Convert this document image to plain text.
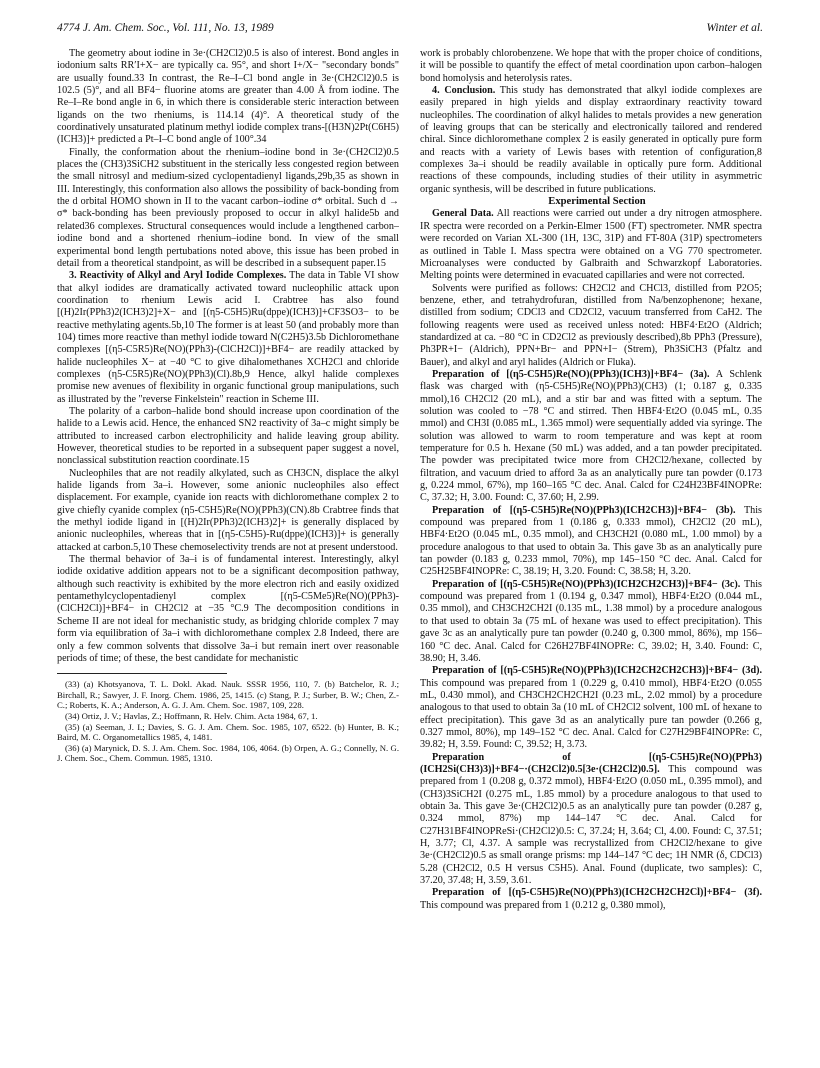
4774 J. Am. Chem. Soc., Vol. 111, No. 13, 1989	Winter et al.

The geometry about iodine in 3e·(CH2Cl2)0.5 is also of interest. Bond angles in iodonium salts RR′I+X− are typically ca. 95°, and short I+/X− "secondary bonds" are usually found.33 In contrast, the Re–I–Cl bond angle in 3e·(CH2Cl2)0.5 is 102.5 (5)°, and all BF4− fluorine atoms are greater than 4.00 Å from iodine. The Re–I–Re bond angle in 6, in which there is considerable steric interaction between ligands on the two rheniums, is 114.14 (4)°. A theoretical study of the coordinatively unsaturated platinum methyl iodide complex trans-[(H3N)2Pt(C6H5)(ICH3)]+ predicted a Pt–I–C bond angle of 100°.34

Finally, the conformation about the rhenium–iodine bond in 3e·(CH2Cl2)0.5 places the (CH3)3SiCH2 substituent in the sterically less congested region between the small nitrosyl and medium-sized cyclopentadienyl ligands,29b,35 as shown in III. Interestingly, this conformation also allows the possibility of back-bonding from the d orbital HOMO shown in II to the vacant carbon–iodine σ* orbital. Such d → σ* back-bonding has been previously proposed to occur in alkyl halide5b and related36 complexes. Structural consequences would include a lengthened carbon–iodine bond and a shortened rhenium–iodine bond. In view of the small experimental bond length pertubations noted above, this issue has been probed in detail from a theoretical standpoint, as will be described in a subsequent paper.15

3. Reactivity of Alkyl and Aryl Iodide Complexes. The data in Table VI show that alkyl iodides are dramatically activated toward nucleophilic attack upon coordination to rhenium Lewis acid I. Crabtree has also found [(H)2Ir(PPh3)2(ICH3)2]+X− and [(η5-C5H5)Ru(dppe)(ICH3)]+CF3SO3− to be reactive methylating agents.5b,10 The former is at least 50 (and probably more than 104) times more reactive than methyl iodide toward N(C2H5)3.5b Dichloromethane complexes [(η5-C5R5)Re(NO)(PPh3)-(ClCH2Cl)]+BF4− are readily attacked by halide nucleophiles X− at −40 °C to give dihalomethanes XCH2Cl and chloride complexes (η5-C5R5)Re(NO)(PPh3)(Cl).8b,9 Hence, alkyl halide complexes promise new avenues of flexibility in organic functional group manipulations, such as illustrated by the "reverse Finkelstein" reaction in Scheme III.

The polarity of a carbon–halide bond should increase upon coordination of the halide to a Lewis acid. Hence, the enhanced SN2 reactivity of 3a–c might simply be attributed to increased carbon electrophilicity and halide leaving group ability. However, theoretical studies to be reported in a subsequent paper suggest a novel, nonclassical substitution reaction coordinate.15

Nucleophiles that are not readily alkylated, such as CH3CN, displace the alkyl halide ligands from 3a–i. However, some anionic nucleophiles also effect displacement. For example, cyanide ion reacts with dichloromethane complex 2 to give chiefly cyanide complex (η5-C5H5)Re(NO)(PPh3)(CN).8b Crabtree finds that the methyl iodide ligand in [(H)2Ir(PPh3)2(ICH3)2]+ is generally displaced by anionic nucleophiles, whereas that in [(η5-C5H5)-Ru(dppe)(ICH3)]+ is generally attacked at carbon.5,10 These chemoselectivity trends are not at present understood.

The thermal behavior of 3a–i is of fundamental interest. Interestingly, alkyl iodide oxidative addition appears not to be a significant decomposition pathway, although such reactivity is exhibited by the more electron rich and easily oxidized pentamethylcyclopentadienyl complex [(η5-C5Me5)Re(NO)(PPh3)-(ClCH2Cl)]+BF4− in CH2Cl2 at −35 °C.9 The decomposition conditions in Scheme II are not ideal for mechanistic study, as bridging chloride complex 7 may form via equilibration of 3a–i with dichloromethane complex 2.8 Indeed, there are only a few common solvents that dissolve 3a–i but remain inert over reasonable periods of time; of these, the best candidate for mechanistic

(33) (a) Khotsyanova, T. L. Dokl. Akad. Nauk. SSSR 1956, 110, 7. (b) Batchelor, R. J.; Birchall, R.; Sawyer, J. F. Inorg. Chem. 1986, 25, 1415. (c) Stang, P. J.; Surber, B. W.; Chen, Z.-C.; Roberts, K. A.; Anderson, A. G. J. Am. Chem. Soc. 1987, 109, 228.

(34) Ortiz, J. V.; Havlas, Z.; Hoffmann, R. Helv. Chim. Acta 1984, 67, 1.

(35) (a) Seeman, J. I.; Davies, S. G. J. Am. Chem. Soc. 1985, 107, 6522. (b) Hunter, B. K.; Baird, M. C. Organometallics 1985, 4, 1481.

(36) (a) Marynick, D. S. J. Am. Chem. Soc. 1984, 106, 4064. (b) Orpen, A. G.; Connelly, N. G. J. Chem. Soc., Chem. Commun. 1985, 1310.

work is probably chlorobenzene. We hope that with the proper choice of conditions, it will be possible to quantify the effect of metal coordination upon carbon–halogen bond homolysis and heterolysis rates.

4. Conclusion. This study has demonstrated that alkyl iodide complexes are easily prepared in high yields and display extraordinary reactivity toward nucleophiles. The coordination of alkyl halides to metals provides a new generation of leaving groups that can be sterically and electronically tailored and rendered chiral. Since dichloromethane complex 2 is easily generated in optically pure form and reacts with a variety of Lewis bases with retention of configuration,8 complexes 3a–i should be readily available in optically pure form. Additional reactions of these compounds, including studies of their utility in asymmetric organic synthesis, will be described in future publications.

Experimental Section

General Data. All reactions were carried out under a dry nitrogen atmosphere. IR spectra were recorded on a Perkin-Elmer 1500 (FT) spectrometer. NMR spectra were recorded on Varian XL-300 (1H, 13C, 31P) and FT-80A (31P) spectrometers as outlined in Table I. Mass spectra were obtained on a VG 770 spectrometer. Microanalyses were conducted by Galbraith and Schwarzkopf Laboratories. Melting points were determined in evacuated capillaries and were not corrected.

Solvents were purified as follows: CH2Cl2 and CHCl3, distilled from P2O5; benzene, ether, and tetrahydrofuran, distilled from Na/benzophenone; hexane, distilled from sodium; CDCl3 and CD2Cl2, vacuum transferred from CaH2. The following reagents were used as received unless noted: HBF4·Et2O (Aldrich; standardized at ca. −80 °C in CD2Cl2 as previously described),8b PPh3 (Pressure), Ph3PR+I− (Aldrich), PPN+Br− and PPN+I− (Strem), Ph3SiCH3 (Pfaltz and Bauer), and alkyl and aryl halides (Aldrich or Fluka).

Preparation of [(η5-C5H5)Re(NO)(PPh3)(ICH3)]+BF4− (3a). A Schlenk flask was charged with (η5-C5H5)Re(NO)(PPh3)(CH3) (1; 0.187 g, 0.335 mmol),16 CH2Cl2 (20 mL), and a stir bar and was fitted with a septum. The solution was cooled to −78 °C and stirred. Then HBF4·Et2O (0.045 mL, 0.35 mmol) and CH3I (0.085 mL, 1.365 mmol) were sequentially added via syringe. The solution was allowed to warm to room temperature and was kept at room temperature for 0.5 h. Hexane (50 mL) was added, and a tan powder precipitated. The powder was precipitated twice more from CH2Cl2/hexane, collected by filtration, and vacuum dried to afford 3a as an analytically pure tan powder (0.173 g, 0.224 mmol, 67%), mp 160–165 °C dec. Anal. Calcd for C24H23BF4INOPRe: C, 37.32; H, 3.00. Found: C, 37.60; H, 2.99.

Preparation of [(η5-C5H5)Re(NO)(PPh3)(ICH2CH3)]+BF4− (3b). This compound was prepared from 1 (0.186 g, 0.333 mmol), CH2Cl2 (20 mL), HBF4·Et2O (0.045 mL, 0.35 mmol), and CH3CH2I (0.080 mL, 1.00 mmol) by a procedure analogous to that used to obtain 3a. This gave 3b as an analytically pure tan powder (0.183 g, 0.233 mmol, 70%), mp 145–150 °C dec. Anal. Calcd for C25H25BF4INOPRe: C, 38.19; H, 3.20. Found: C, 38.58; H, 3.20.

Preparation of [(η5-C5H5)Re(NO)(PPh3)(ICH2CH2CH3)]+BF4− (3c). This compound was prepared from 1 (0.194 g, 0.347 mmol), HBF4·Et2O (0.044 mL, 0.35 mmol), and CH3CH2CH2I (0.135 mL, 1.38 mmol) by a procedure analogous to that used to obtain 3a (75 mL of hexane was used to effect precipitation). This gave 3c as an analytically pure tan powder (0.240 g, 0.300 mmol, 86%), mp 156–160 °C dec. Anal. Calcd for C26H27BF4INOPRe: C, 39.02; H, 3.40. Found: C, 38.90; H, 3.46.

Preparation of [(η5-C5H5)Re(NO)(PPh3)(ICH2CH2CH2CH3)]+BF4− (3d). This compound was prepared from 1 (0.229 g, 0.410 mmol), HBF4·Et2O (0.055 mL, 0.430 mmol), and CH3CH2CH2CH2I (0.23 mL, 2.02 mmol) by a procedure analogous to that used to obtain 3a (10 mL of CH2Cl2 solvent, 100 mL of hexane to effect precipitation). This gave 3d as an analytically pure tan powder (0.266 g, 0.327 mmol, 80%), mp 149–152 °C dec. Anal. Calcd for C27H29BF4INOPRe: C, 39.82; H, 3.59. Found: C, 39.52; H, 3.73.

Preparation of [(η5-C5H5)Re(NO)(PPh3)(ICH2Si(CH3)3)]+BF4−·(CH2Cl2)0.5[3e·(CH2Cl2)0.5]. This compound was prepared from 1 (0.208 g, 0.372 mmol), HBF4·Et2O (0.050 mL, 0.395 mmol), and (CH3)3SiCH2I (0.275 mL, 1.85 mmol) by a procedure analogous to that used to obtain 3a. This gave 3e·(CH2Cl2)0.5 as an analytically pure tan powder (0.287 g, 0.324 mmol, 87%) mp 144–147 °C dec. Anal. Calcd for C27H31BF4INOPReSi·(CH2Cl2)0.5: C, 37.24; H, 3.64; Cl, 4.00. Found: C, 37.51; H, 3.77; Cl, 4.37. A sample was recrystallized from CH2Cl2/hexane to give 3e·(CH2Cl2)0.5 as small orange prisms: mp 144–147 °C dec; 1H NMR (δ, CDCl3) 5.28 (CH2Cl2, 0.5 H versus C5H5). Anal. Found (duplicate, two samples): C, 37.20, 37.48; H, 3.59, 3.61.

Preparation of [(η5-C5H5)Re(NO)(PPh3)(ICH2CH2CH2Cl)]+BF4− (3f). This compound was prepared from 1 (0.212 g, 0.380 mmol),
